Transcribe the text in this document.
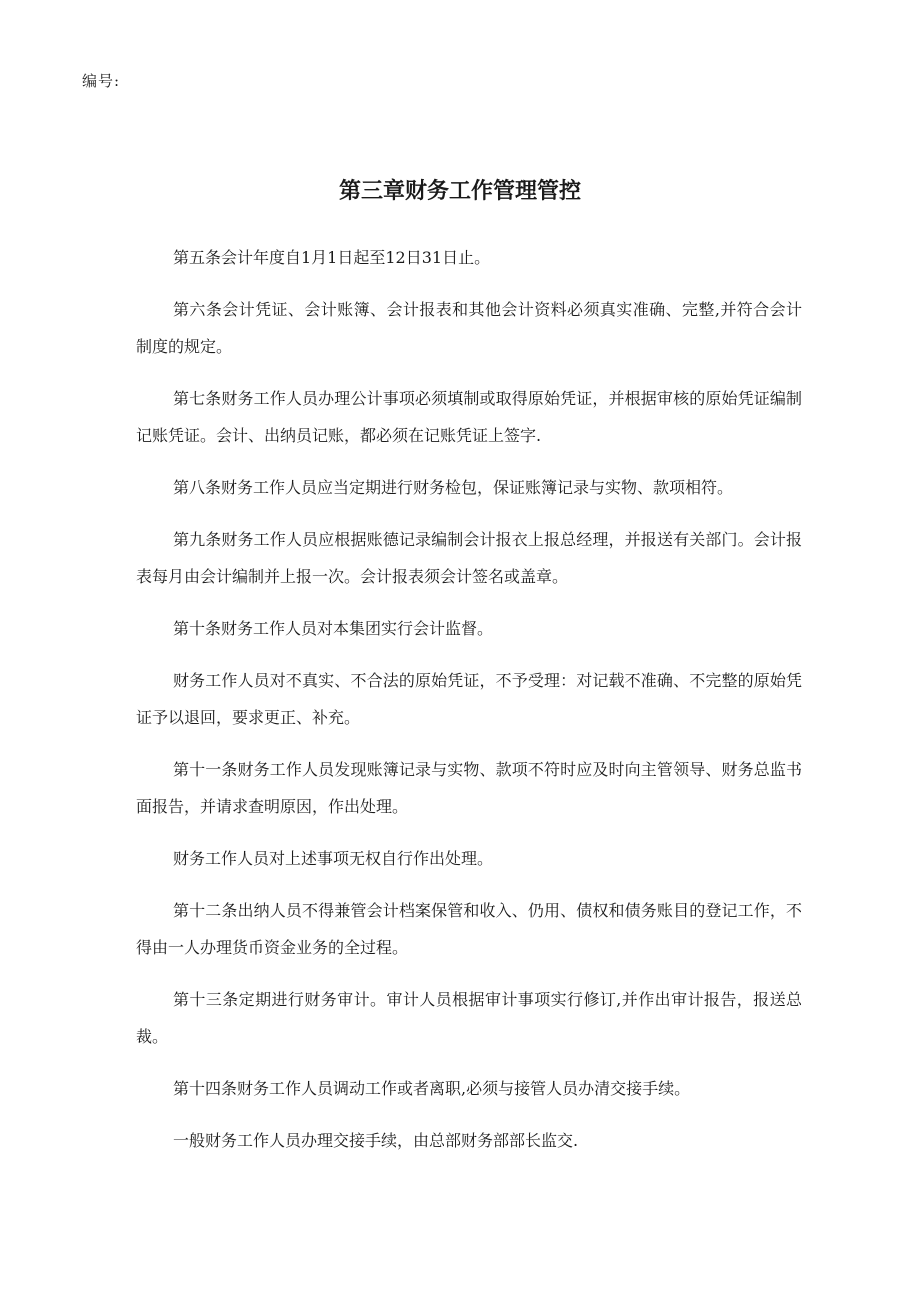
编号:
第三章财务工作管理管控

第五条会计年度自1月1日起至12日31日止。

第六条会计凭证、会计账簿、会计报表和其他会计资料必须真实准确、完整,并符合会计制度的规定。

第七条财务工作人员办理公计事项必须填制或取得原始凭证，并根据审核的原始凭证编制记账凭证。会计、出纳员记账，都必须在记账凭证上签字.

第八条财务工作人员应当定期进行财务检包，保证账簿记录与实物、款项相符。

第九条财务工作人员应根据账德记录编制会计报衣上报总经理，并报送有关部门。会计报表每月由会计编制并上报一次。会计报表须会计签名或盖章。

第十条财务工作人员对本集团实行会计监督。

财务工作人员对不真实、不合法的原始凭证，不予受理：对记载不准确、不完整的原始凭证予以退回，要求更正、补充。

第十一条财务工作人员发现账簿记录与实物、款项不符时应及时向主管领导、财务总监书面报告，并请求查明原因，作出处理。

财务工作人员对上述事项无权自行作出处理。

第十二条出纳人员不得兼管会计档案保管和收入、仍用、债权和债务账目的登记工作，不得由一人办理货币资金业务的全过程。

第十三条定期进行财务审计。审计人员根据审计事项实行修订,并作出审计报告，报送总裁。

第十四条财务工作人员调动工作或者离职,必须与接管人员办清交接手续。

一般财务工作人员办理交接手续，由总部财务部部长监交.
